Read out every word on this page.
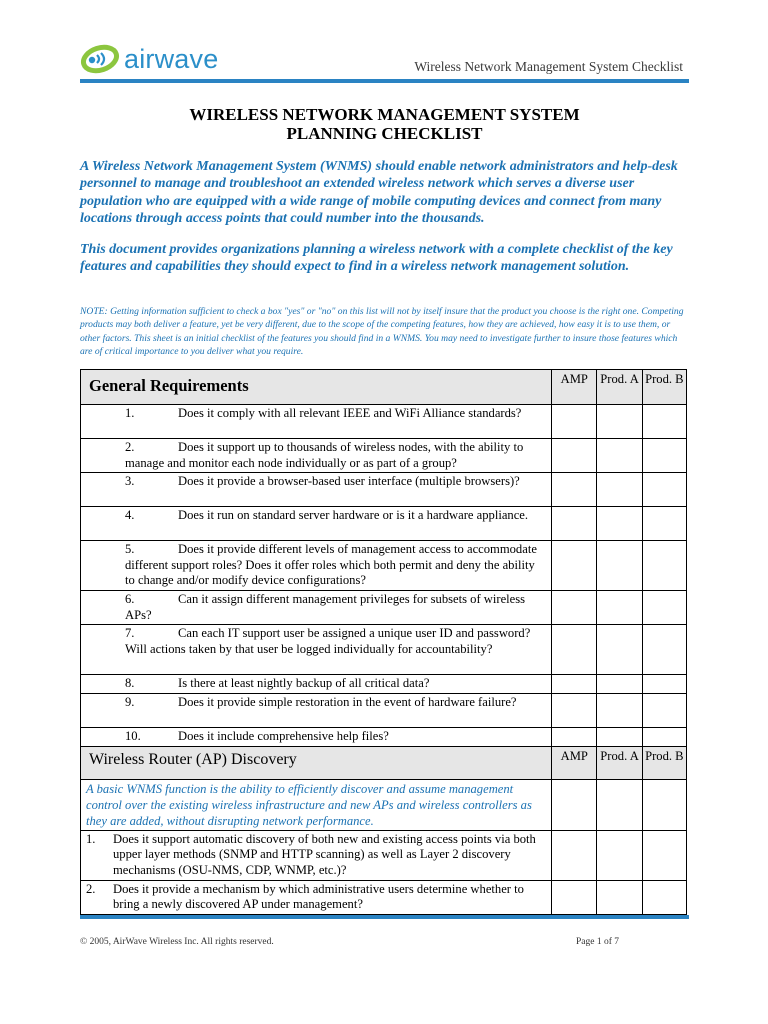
airwave	Wireless Network Management System Checklist
WIRELESS NETWORK MANAGEMENT SYSTEM
PLANNING CHECKLIST
A Wireless Network Management System (WNMS) should enable network administrators and help-desk personnel to manage and troubleshoot an extended wireless network which serves a diverse user population who are equipped with a wide range of mobile computing devices and connect from many locations through access points that could number into the thousands.
This document provides organizations planning a wireless network with a complete checklist of the key features and capabilities they should expect to find in a wireless network management solution.
NOTE: Getting information sufficient to check a box "yes" or "no" on this list will not by itself insure that the product you choose is the right one. Competing products may both deliver a feature, yet be very different, due to the scope of the competing features, how they are achieved, how easy it is to use them, or other factors. This sheet is an initial checklist of the features you should find in a WNMS. You may need to investigate further to insure those features which are of critical importance to you deliver what you require.
General Requirements	AMP	Prod. A	Prod. B
1. Does it comply with all relevant IEEE and WiFi Alliance standards?			
2. Does it support up to thousands of wireless nodes, with the ability to manage and monitor each node individually or as part of a group?			
3. Does it provide a browser-based user interface (multiple browsers)?			
4. Does it run on standard server hardware or is it a hardware appliance.			
5. Does it provide different levels of management access to accommodate different support roles? Does it offer roles which both permit and deny the ability to change and/or modify device configurations?			
6. Can it assign different management privileges for subsets of wireless APs?			
7. Can each IT support user be assigned a unique user ID and password? Will actions taken by that user be logged individually for accountability?			
8. Is there at least nightly backup of all critical data?			
9. Does it provide simple restoration in the event of hardware failure?			
10. Does it include comprehensive help files?			
Wireless Router (AP) Discovery	AMP	Prod. A	Prod. B
A basic WNMS function is the ability to efficiently discover and assume management control over the existing wireless infrastructure and new APs and wireless controllers as they are added, without disrupting network performance.			

1. Does it support automatic discovery of both new and existing access points via both upper layer methods (SNMP and HTTP scanning) as well as Layer 2 discovery mechanisms (OSU-NMS, CDP, WNMP, etc.)?			

2. Does it provide a mechanism by which administrative users determine whether to bring a newly discovered AP under management?			

© 2005, AirWave Wireless Inc. All rights reserved.	Page 1 of 7
